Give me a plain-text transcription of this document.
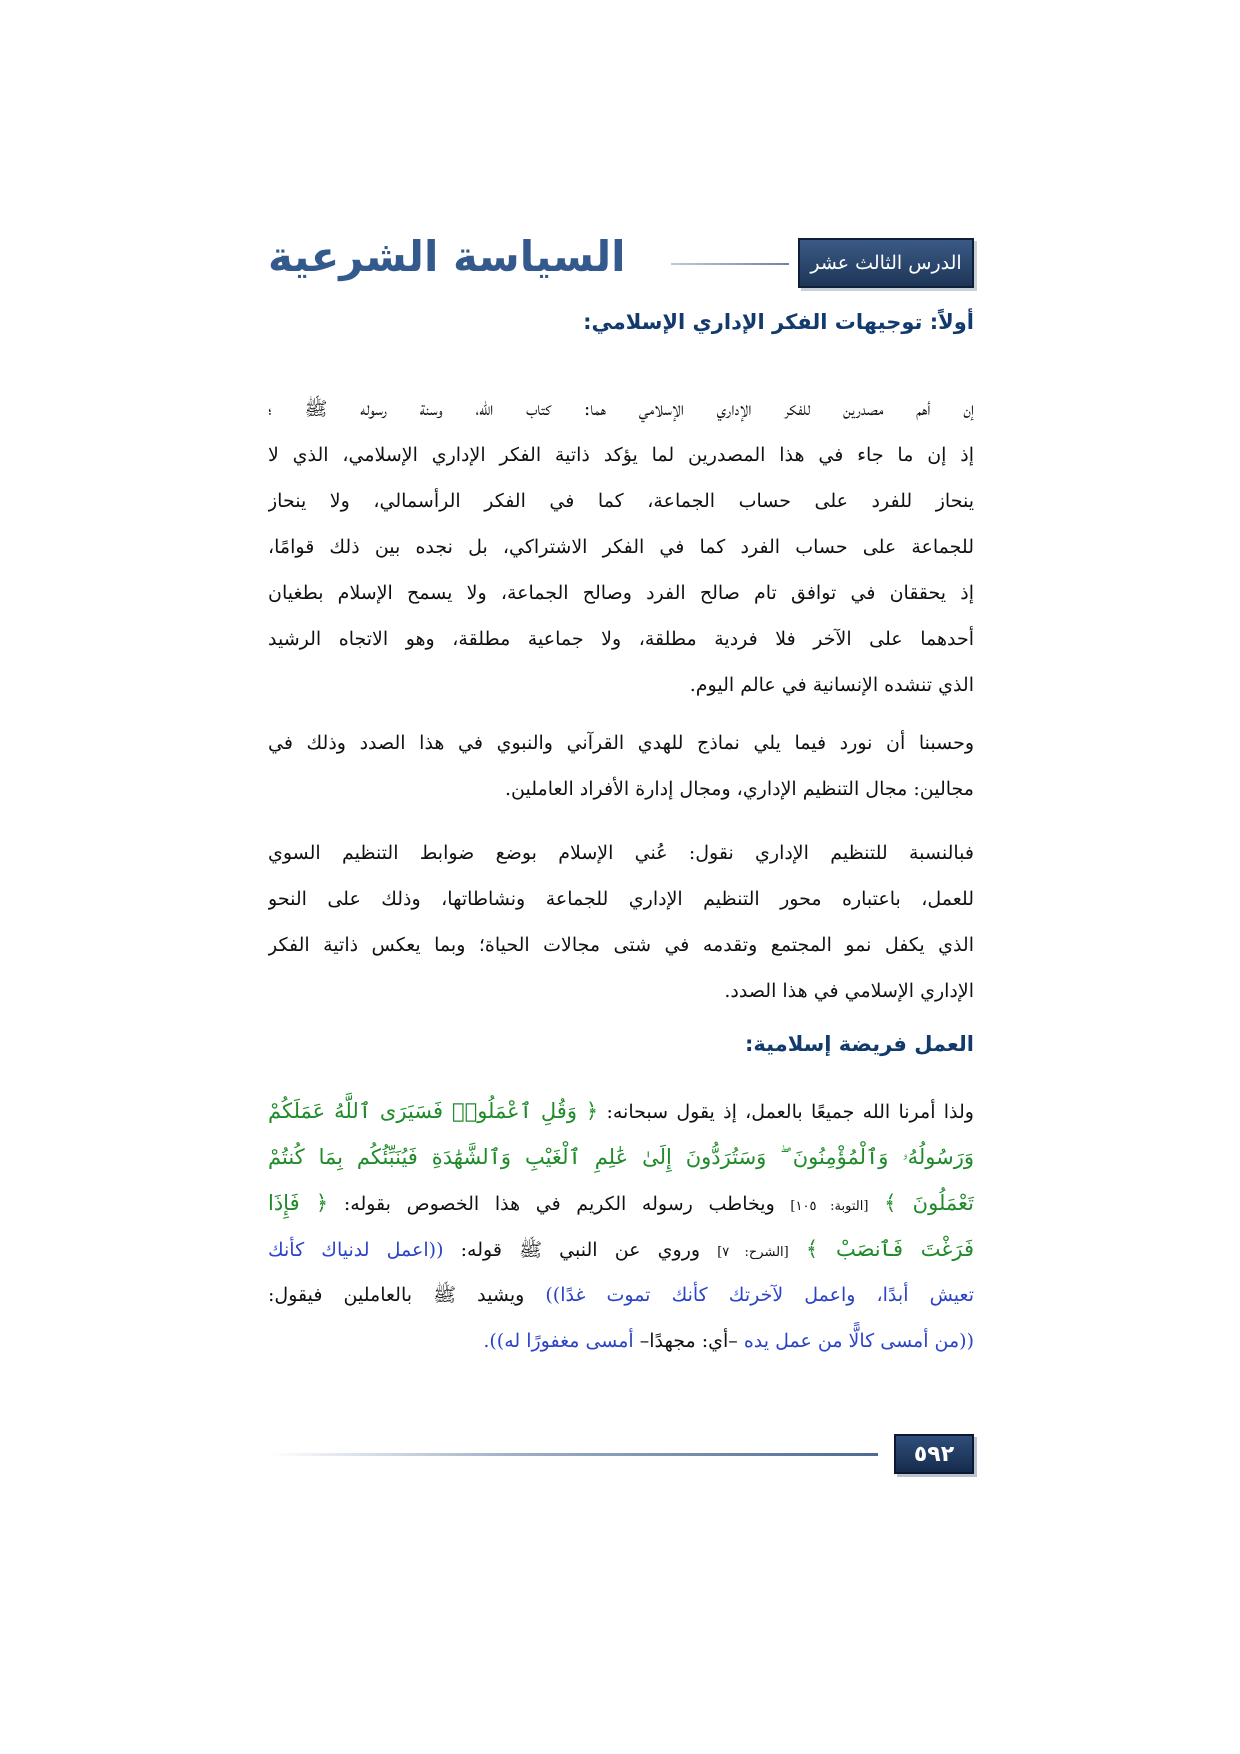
الدرس الثالث عشر
السياسة الشرعية
أولاً: توجيهات الفكر الإداري الإسلامي:
إن أهم مصدرين للفكر الإداري الإسلامي هما: كتاب الله، وسنة رسوله ﷺ ؛
إذ إن ما جاء في هذا المصدرين لما يؤكد ذاتية الفكر الإداري الإسلامي، الذي لا
ينحاز للفرد على حساب الجماعة، كما في الفكر الرأسمالي، ولا ينحاز
للجماعة على حساب الفرد كما في الفكر الاشتراكي، بل نجده بين ذلك قوامًا،
إذ يحققان في توافق تام صالح الفرد وصالح الجماعة، ولا يسمح الإسلام بطغيان
أحدهما على الآخر فلا فردية مطلقة، ولا جماعية مطلقة، وهو الاتجاه الرشيد
الذي تنشده الإنسانية في عالم اليوم.
وحسبنا أن نورد فيما يلي نماذج للهدي القرآني والنبوي في هذا الصدد وذلك في
مجالين: مجال التنظيم الإداري، ومجال إدارة الأفراد العاملين.
فبالنسبة للتنظيم الإداري نقول: عُني الإسلام بوضع ضوابط التنظيم السوي
للعمل، باعتباره محور التنظيم الإداري للجماعة ونشاطاتها، وذلك على النحو
الذي يكفل نمو المجتمع وتقدمه في شتى مجالات الحياة؛ وبما يعكس ذاتية الفكر
الإداري الإسلامي في هذا الصدد.
العمل فريضة إسلامية:
ولذا أمرنا الله جميعًا بالعمل، إذ يقول سبحانه: ﴿ وَقُلِ ٱعْمَلُوا۟ فَسَيَرَى ٱللَّهُ عَمَلَكُمْ
وَرَسُولُهُۥ وَٱلْمُؤْمِنُونَ ۖ وَسَتُرَدُّونَ إِلَىٰ عَٰلِمِ ٱلْغَيْبِ وَٱلشَّهَٰدَةِ فَيُنَبِّئُكُم بِمَا كُنتُمْ
تَعْمَلُونَ ﴾ [التوبة: ١٠٥] ويخاطب رسوله الكريم في هذا الخصوص بقوله: ﴿ فَإِذَا
فَرَغْتَ فَٱنصَبْ ﴾ [الشرح: ٧] وروي عن النبي ﷺ قوله: ((اعمل لدنياك كأنك
تعيش أبدًا، واعمل لآخرتك كأنك تموت غدًا)) ويشيد ﷺ بالعاملين فيقول:
((من أمسى كالًّا من عمل يده –أي: مجهدًا– أمسى مغفورًا له)).
٥٩٢
